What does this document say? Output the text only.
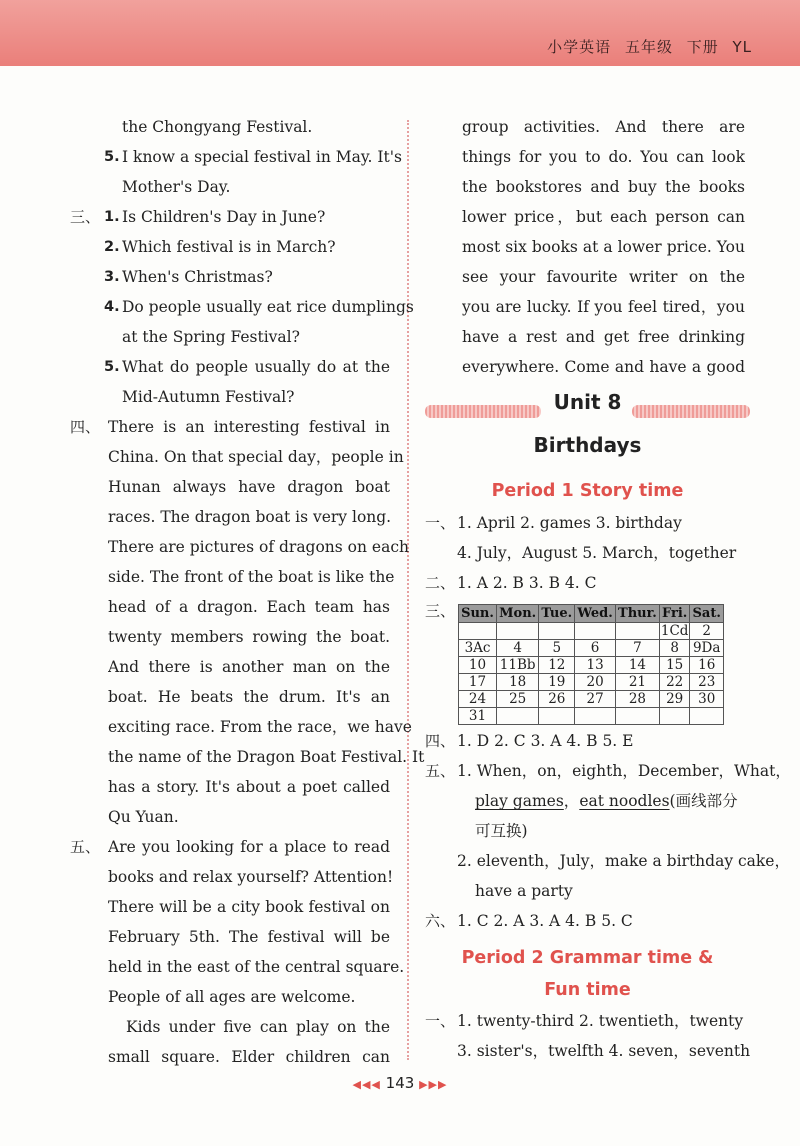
小学英语 五年级 下册 YL
the Chongyang Festival.
5. I know a special festival in May. It's
Mother's Day.
三、 1. Is Children's Day in June?
2. Which festival is in March?
3. When's Christmas?
4. Do people usually eat rice dumplings
at the Spring Festival?
5. What do people usually do at the
Mid-Autumn Festival?
四、 There is an interesting festival in
China. On that special day，people in
Hunan always have dragon boat
races. The dragon boat is very long.
There are pictures of dragons on each
side. The front of the boat is like the
head of a dragon. Each team has
twenty members rowing the boat.
And there is another man on the
boat. He beats the drum. It's an
exciting race. From the race，we have
the name of the Dragon Boat Festival. It
has a story. It's about a poet called
Qu Yuan.
五、 Are you looking for a place to read
books and relax yourself? Attention!
There will be a city book festival on
February 5th. The festival will be
held in the east of the central square.
People of all ages are welcome.
Kids under five can play on the
small square. Elder children can
group activities. And there are
things for you to do. You can look
the bookstores and buy the books
lower price，but each person can
most six books at a lower price. You
see your favourite writer on the
you are lucky. If you feel tired，you
have a rest and get free drinking
everywhere. Come and have a good
Unit 8
Birthdays
Period 1 Story time
一、 1. April 2. games 3. birthday
4. July，August 5. March，together
二、 1. A 2. B 3. B 4. C
三、 Sun.	Mon.	Tue.	Wed.	Thur.	Fri.	Sat.
					1Cd	2
3Ac	4	5	6	7	8	9Da
10	11Bb	12	13	14	15	16
17	18	19	20	21	22	23
24	25	26	27	28	29	30
31						
四、 1. D 2. C 3. A 4. B 5. E
五、 1. When，on，eighth，December，What，
play games，eat noodles(画线部分
可互换)
2. eleventh，July，make a birthday cake，
have a party
六、 1. C 2. A 3. A 4. B 5. C
Period 2 Grammar time &
Fun time
一、 1. twenty-third 2. twentieth，twenty
3. sister's，twelfth 4. seven，seventh
◀◀◀ 143 ▶▶▶
